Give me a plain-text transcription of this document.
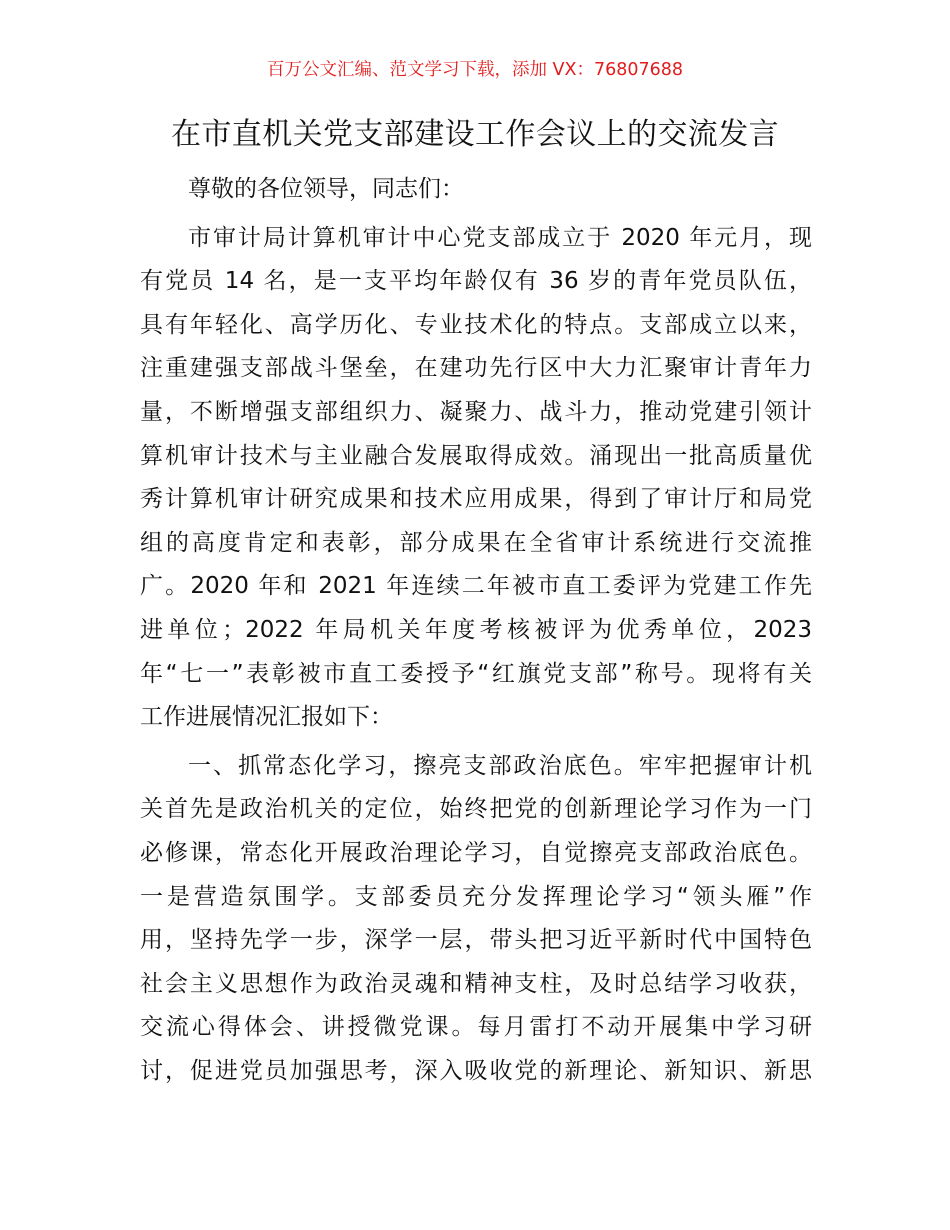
百万公文汇编、范文学习下载，添加 VX：76807688
在市直机关党支部建设工作会议上的交流发言
尊敬的各位领导，同志们：
市审计局计算机审计中心党支部成立于 2020 年元月，现
有党员 14 名，是一支平均年龄仅有 36 岁的青年党员队伍，
具有年轻化、高学历化、专业技术化的特点。支部成立以来，
注重建强支部战斗堡垒，在建功先行区中大力汇聚审计青年力
量，不断增强支部组织力、凝聚力、战斗力，推动党建引领计
算机审计技术与主业融合发展取得成效。涌现出一批高质量优
秀计算机审计研究成果和技术应用成果，得到了审计厅和局党
组的高度肯定和表彰，部分成果在全省审计系统进行交流推
广。2020 年和 2021 年连续二年被市直工委评为党建工作先
进单位；2022 年局机关年度考核被评为优秀单位，2023
年“七一”表彰被市直工委授予“红旗党支部”称号。现将有关
工作进展情况汇报如下：
一、抓常态化学习，擦亮支部政治底色。牢牢把握审计机
关首先是政治机关的定位，始终把党的创新理论学习作为一门
必修课，常态化开展政治理论学习，自觉擦亮支部政治底色。
一是营造氛围学。支部委员充分发挥理论学习“领头雁”作
用，坚持先学一步，深学一层，带头把习近平新时代中国特色
社会主义思想作为政治灵魂和精神支柱，及时总结学习收获，
交流心得体会、讲授微党课。每月雷打不动开展集中学习研
讨，促进党员加强思考，深入吸收党的新理论、新知识、新思
